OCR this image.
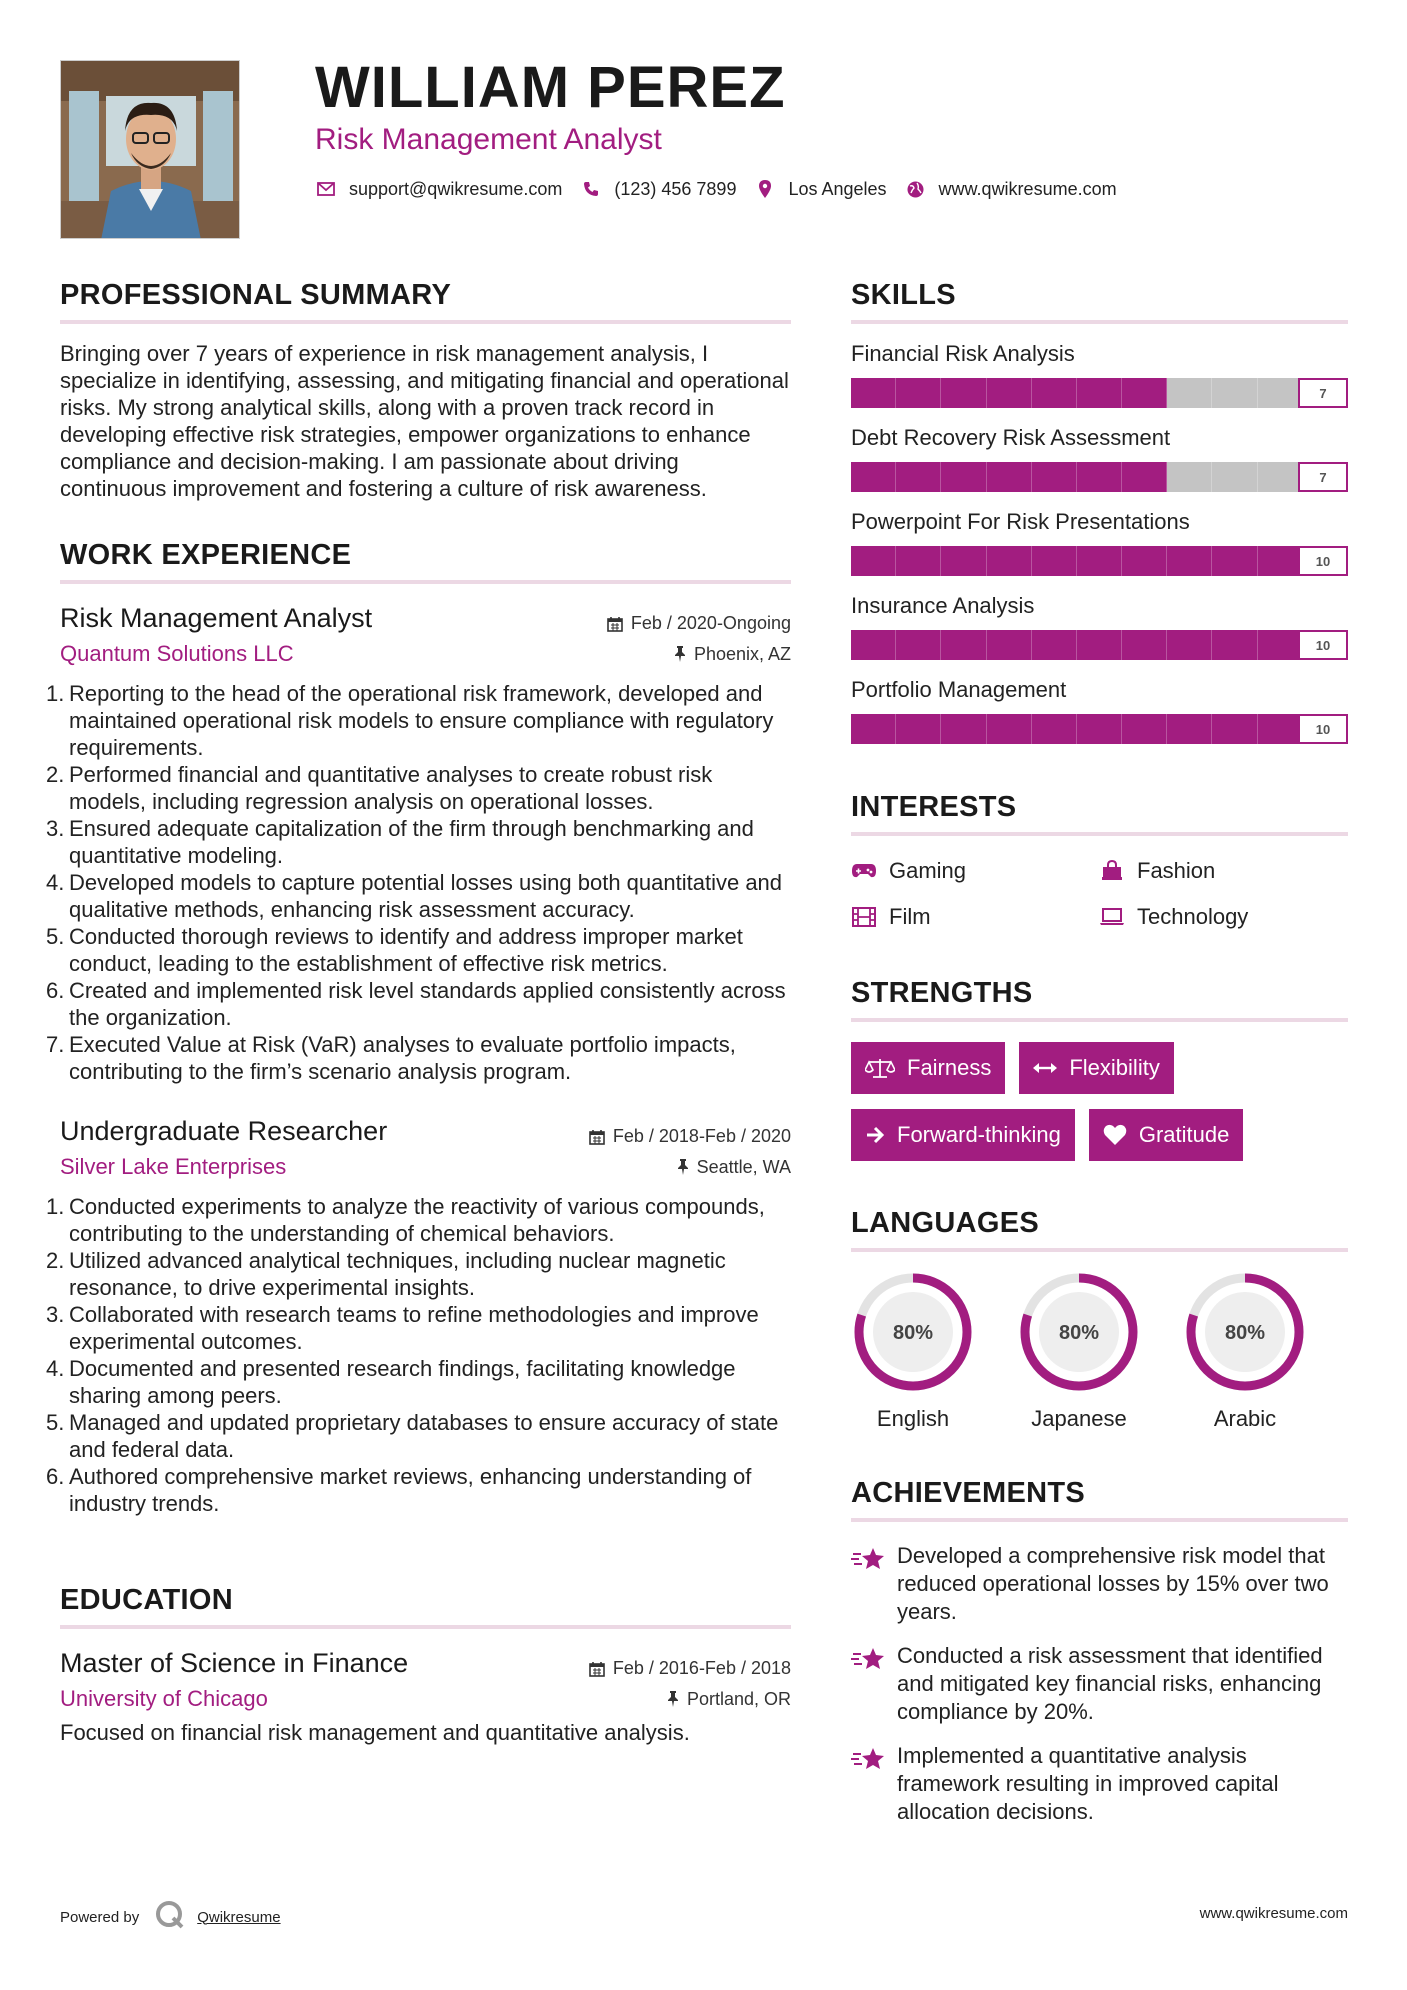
WILLIAM PEREZ
Risk Management Analyst
support@qwikresume.com	(123) 456 7899	Los Angeles	www.qwikresume.com
PROFESSIONAL SUMMARY
Bringing over 7 years of experience in risk management analysis, I specialize in identifying, assessing, and mitigating financial and operational risks. My strong analytical skills, along with a proven track record in developing effective risk strategies, empower organizations to enhance compliance and decision-making. I am passionate about driving continuous improvement and fostering a culture of risk awareness.
WORK EXPERIENCE
Risk Management Analyst	Feb / 2020-Ongoing
Quantum Solutions LLC	Phoenix, AZ
1. Reporting to the head of the operational risk framework, developed and maintained operational risk models to ensure compliance with regulatory requirements.
2. Performed financial and quantitative analyses to create robust risk models, including regression analysis on operational losses.
3. Ensured adequate capitalization of the firm through benchmarking and quantitative modeling.
4. Developed models to capture potential losses using both quantitative and qualitative methods, enhancing risk assessment accuracy.
5. Conducted thorough reviews to identify and address improper market conduct, leading to the establishment of effective risk metrics.
6. Created and implemented risk level standards applied consistently across the organization.
7. Executed Value at Risk (VaR) analyses to evaluate portfolio impacts, contributing to the firm’s scenario analysis program.
Undergraduate Researcher	Feb / 2018-Feb / 2020
Silver Lake Enterprises	Seattle, WA
1. Conducted experiments to analyze the reactivity of various compounds, contributing to the understanding of chemical behaviors.
2. Utilized advanced analytical techniques, including nuclear magnetic resonance, to drive experimental insights.
3. Collaborated with research teams to refine methodologies and improve experimental outcomes.
4. Documented and presented research findings, facilitating knowledge sharing among peers.
5. Managed and updated proprietary databases to ensure accuracy of state and federal data.
6. Authored comprehensive market reviews, enhancing understanding of industry trends.
EDUCATION
Master of Science in Finance	Feb / 2016-Feb / 2018
University of Chicago	Portland, OR
Focused on financial risk management and quantitative analysis.
SKILLS
Financial Risk Analysis
7
Debt Recovery Risk Assessment
7
Powerpoint For Risk Presentations
10
Insurance Analysis
10
Portfolio Management
10
INTERESTS
Gaming	Fashion
Film	Technology
STRENGTHS
Fairness	Flexibility
Forward-thinking	Gratitude
LANGUAGES
80%
English
80%
Japanese
80%
Arabic
ACHIEVEMENTS
Developed a comprehensive risk model that reduced operational losses by 15% over two years.
Conducted a risk assessment that identified and mitigated key financial risks, enhancing compliance by 20%.
Implemented a quantitative analysis framework resulting in improved capital allocation decisions.
Powered by	Qwikresume	www.qwikresume.com
